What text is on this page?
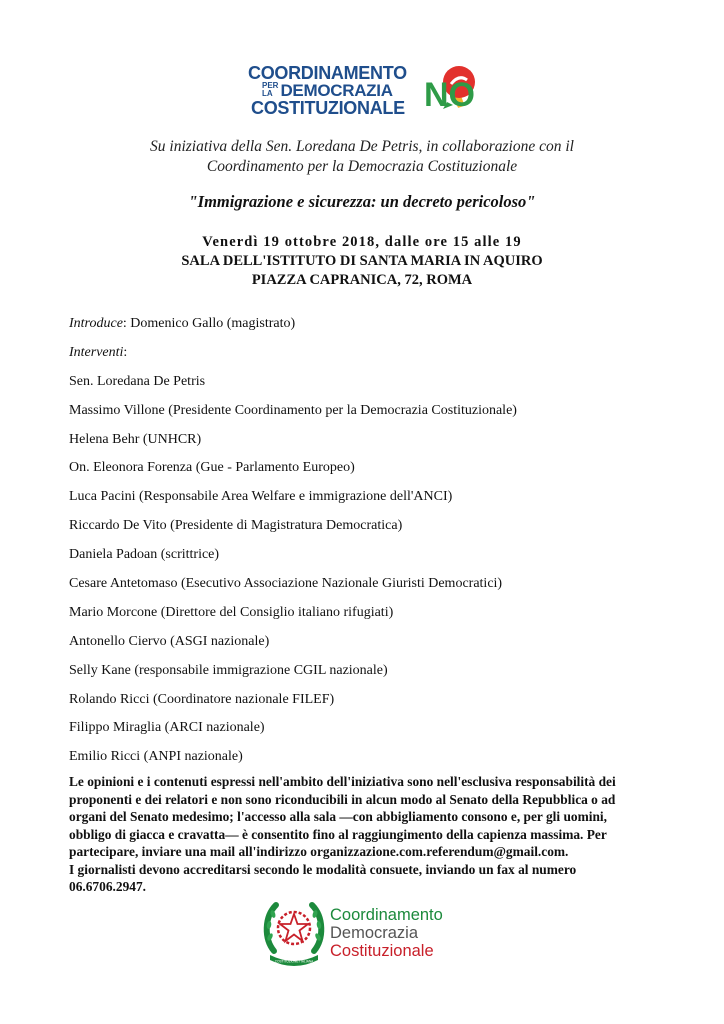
COORDINAMENTO
PER
LA DEMOCRAZIA
COSTITUZIONALE NO
Su iniziativa della Sen. Loredana De Petris, in collaborazione con il
Coordinamento per la Democrazia Costituzionale
"Immigrazione e sicurezza: un decreto pericoloso"
Venerdì 19 ottobre 2018, dalle ore 15 alle 19
SALA DELL'ISTITUTO DI SANTA MARIA IN AQUIRO
PIAZZA CAPRANICA, 72, ROMA
Introduce: Domenico Gallo (magistrato)
Interventi:
Sen. Loredana De Petris
Massimo Villone (Presidente Coordinamento per la Democrazia Costituzionale)
Helena Behr (UNHCR)
On. Eleonora Forenza (Gue - Parlamento Europeo)
Luca Pacini (Responsabile Area Welfare e immigrazione dell'ANCI)
Riccardo De Vito (Presidente di Magistratura Democratica)
Daniela Padoan (scrittrice)
Cesare Antetomaso (Esecutivo Associazione Nazionale Giuristi Democratici)
Mario Morcone (Direttore del Consiglio italiano rifugiati)
Antonello Ciervo (ASGI nazionale)
Selly Kane (responsabile immigrazione CGIL nazionale)
Rolando Ricci (Coordinatore nazionale FILEF)
Filippo Miraglia (ARCI nazionale)
Emilio Ricci (ANPI nazionale)

Le opinioni e i contenuti espressi nell'ambito dell'iniziativa sono nell'esclusiva responsabilità dei proponenti e dei relatori e non sono riconducibili in alcun modo al Senato della Repubblica o ad organi del Senato medesimo; l'accesso alla sala —con abbigliamento consono e, per gli uomini, obbligo di giacca e cravatta— è consentito fino al raggiungimento della capienza massima. Per partecipare, inviare una mail all'indirizzo organizzazione.com.referendum@gmail.com.

I giornalisti devono accreditarsi secondo le modalità consuete, inviando un fax al numero 06.6706.2947.

COSTITUZIONE ITALIANA
Coordinamento
Democrazia
Costituzionale
